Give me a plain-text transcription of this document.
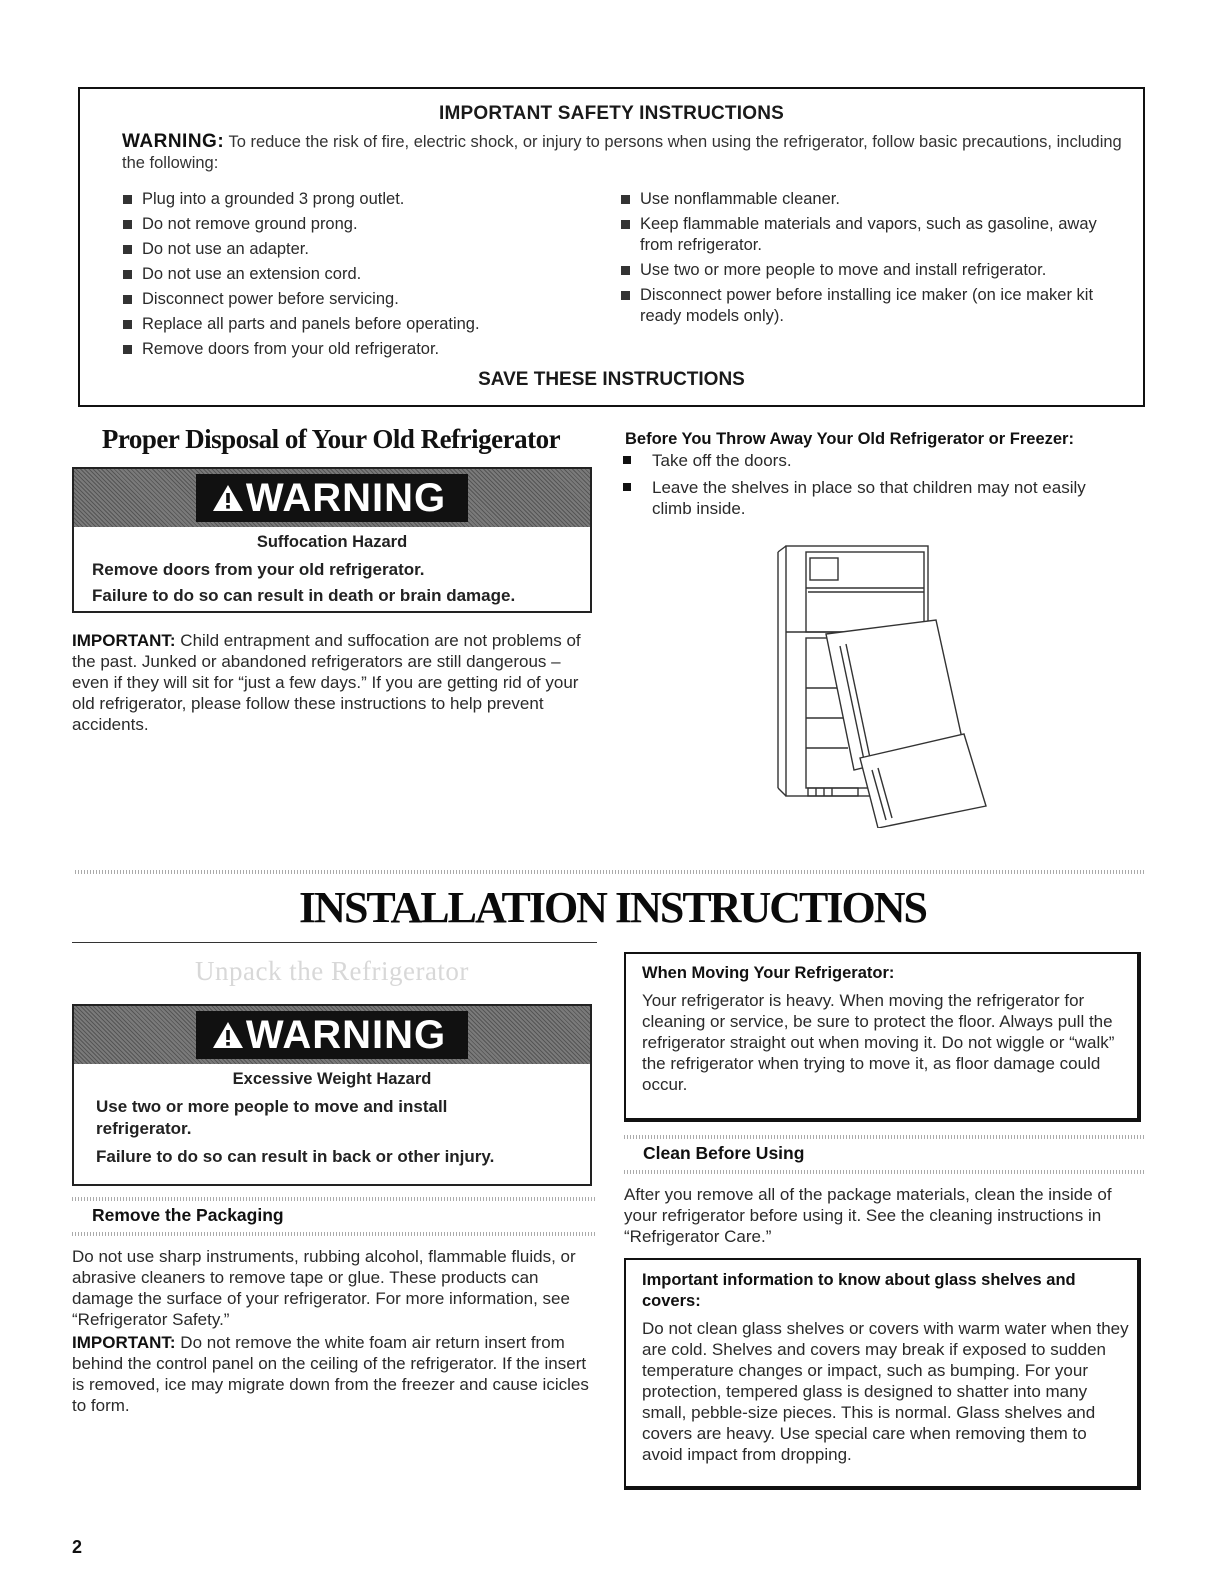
IMPORTANT SAFETY INSTRUCTIONS
WARNING: To reduce the risk of fire, electric shock, or injury to persons when using the refrigerator, follow basic precautions, including the following:
Plug into a grounded 3 prong outlet.
Do not remove ground prong.
Do not use an adapter.
Do not use an extension cord.
Disconnect power before servicing.
Replace all parts and panels before operating.
Remove doors from your old refrigerator.
Use nonflammable cleaner.
Keep flammable materials and vapors, such as gasoline, away from refrigerator.
Use two or more people to move and install refrigerator.
Disconnect power before installing ice maker (on ice maker kit ready models only).
SAVE THESE INSTRUCTIONS
Proper Disposal of Your Old Refrigerator
WARNING
Suffocation Hazard
Remove doors from your old refrigerator.
Failure to do so can result in death or brain damage.
IMPORTANT: Child entrapment and suffocation are not problems of the past. Junked or abandoned refrigerators are still dangerous – even if they will sit for “just a few days.” If you are getting rid of your old refrigerator, please follow these instructions to help prevent accidents.
Before You Throw Away Your Old Refrigerator or Freezer:
Take off the doors.
Leave the shelves in place so that children may not easily climb inside.
INSTALLATION INSTRUCTIONS
Unpack the Refrigerator
WARNING
Excessive Weight Hazard
Use two or more people to move and install refrigerator.
Failure to do so can result in back or other injury.
Remove the Packaging
Do not use sharp instruments, rubbing alcohol, flammable fluids, or abrasive cleaners to remove tape or glue. These products can damage the surface of your refrigerator. For more information, see “Refrigerator Safety.”
IMPORTANT: Do not remove the white foam air return insert from behind the control panel on the ceiling of the refrigerator. If the insert is removed, ice may migrate down from the freezer and cause icicles to form.
When Moving Your Refrigerator:
Your refrigerator is heavy. When moving the refrigerator for cleaning or service, be sure to protect the floor. Always pull the refrigerator straight out when moving it. Do not wiggle or “walk” the refrigerator when trying to move it, as floor damage could occur.
Clean Before Using
After you remove all of the package materials, clean the inside of your refrigerator before using it. See the cleaning instructions in “Refrigerator Care.”
Important information to know about glass shelves and covers:
Do not clean glass shelves or covers with warm water when they are cold. Shelves and covers may break if exposed to sudden temperature changes or impact, such as bumping. For your protection, tempered glass is designed to shatter into many small, pebble-size pieces. This is normal. Glass shelves and covers are heavy. Use special care when removing them to avoid impact from dropping.
2
